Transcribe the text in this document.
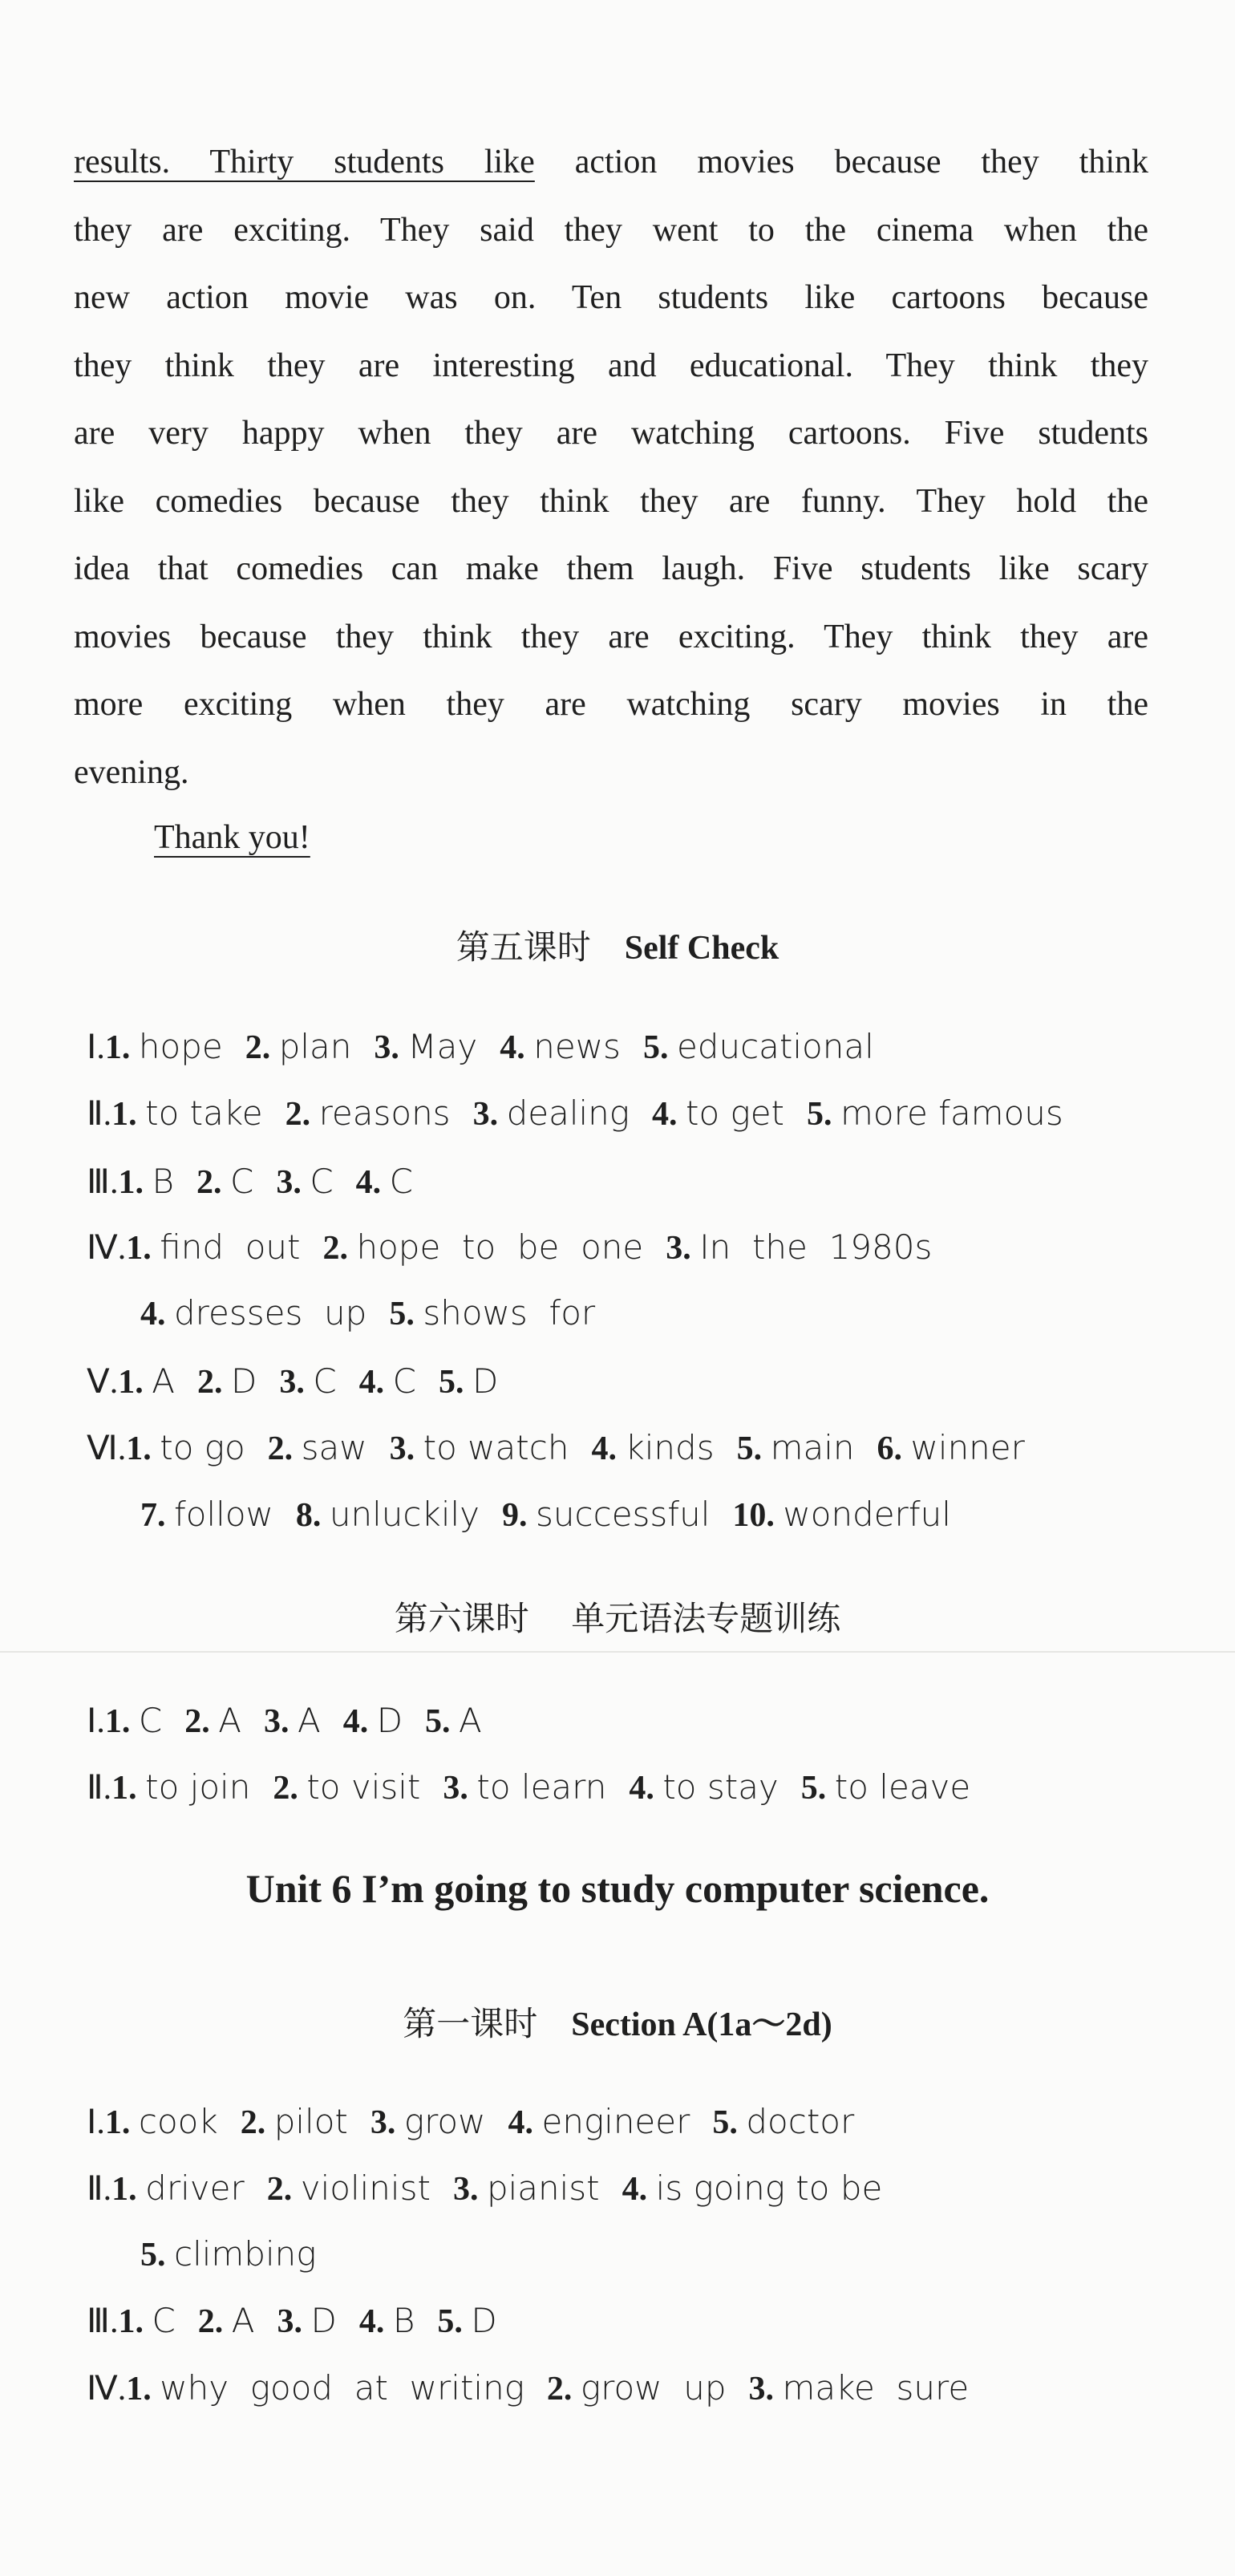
results. Thirty students like action movies because they think
they are exciting. They said they went to the cinema when the
new action movie was on. Ten students like cartoons because
they think they are interesting and educational. They think they
are very happy when they are watching cartoons. Five students
like comedies because they think they are funny. They hold the
idea that comedies can make them laugh. Five students like scary
movies because they think they are exciting. They think they are
more exciting when they are watching scary movies in the
evening.
Thank you!
第五课时 Self Check
Ⅰ.1. hope 2. plan 3. May 4. news 5. educational
Ⅱ.1. to take 2. reasons 3. dealing 4. to get 5. more famous
Ⅲ.1. B 2. C 3. C 4. C
Ⅳ.1. find  out 2. hope  to  be  one 3. In  the  1980s
4. dresses  up 5. shows  for
Ⅴ.1. A 2. D 3. C 4. C 5. D
Ⅵ.1. to go 2. saw 3. to watch 4. kinds 5. main 6. winner
7. follow 8. unluckily 9. successful 10. wonderful
第六课时 单元语法专题训练
Ⅰ.1. C 2. A 3. A 4. D 5. A
Ⅱ.1. to join 2. to visit 3. to learn 4. to stay 5. to leave
Unit 6 I’m going to study computer science.
第一课时 Section A(1a～2d)
Ⅰ.1. cook 2. pilot 3. grow 4. engineer 5. doctor
Ⅱ.1. driver 2. violinist 3. pianist 4. is going to be
5. climbing
Ⅲ.1. C 2. A 3. D 4. B 5. D
Ⅳ.1. why  good  at  writing 2. grow  up 3. make  sure
